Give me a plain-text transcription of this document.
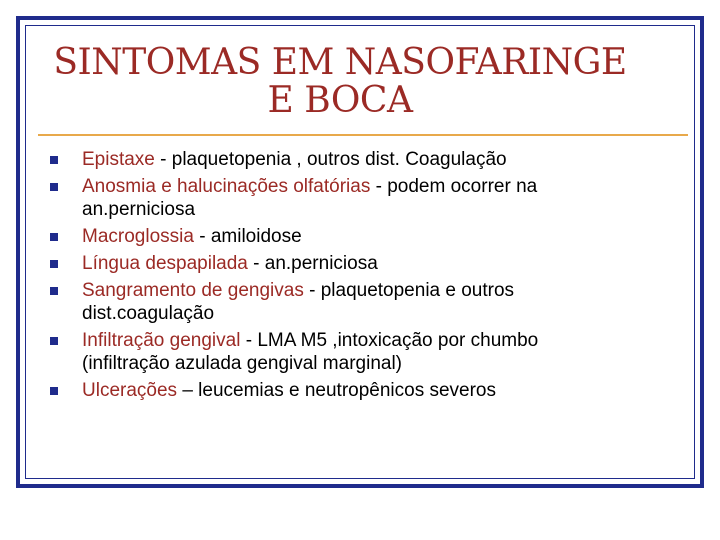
SINTOMAS EM NASOFARINGE
E BOCA
Epistaxe - plaquetopenia , outros dist. Coagulação
Anosmia e halucinações olfatórias - podem ocorrer na an.perniciosa
Macroglossia - amiloidose
Língua despapilada - an.perniciosa
Sangramento de gengivas - plaquetopenia e outros dist.coagulação
Infiltração gengival - LMA M5 ,intoxicação por chumbo (infiltração azulada gengival marginal)
Ulcerações – leucemias e neutropênicos severos
